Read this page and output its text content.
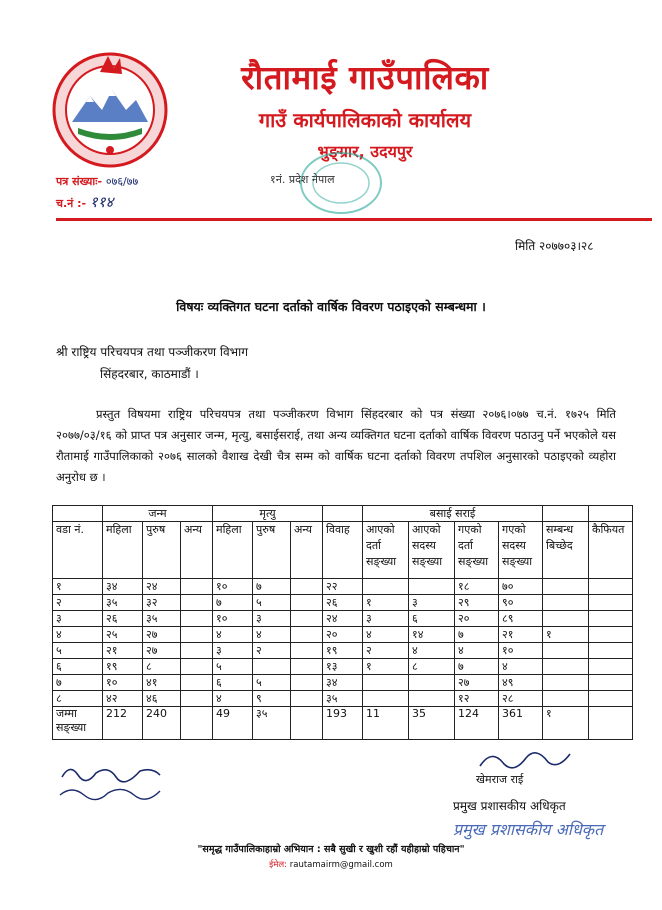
रौतामाई गाउँपालिका
गाउँ कार्यपालिकाको कार्यालय
भुङ्ग्रार, उदयपुर
१नं. प्रदेश नेपाल
पत्र संख्याः- ०७६/७७
च.नं :- ११४
मिति २०७७०३।२८
विषयः व्यक्तिगत घटना दर्ताको वार्षिक विवरण पठाइएको सम्बन्धमा ।
श्री राष्ट्रिय परिचयपत्र तथा पञ्जीकरण विभाग
सिंहदरबार, काठमाडौं ।
प्रस्तुत विषयमा राष्ट्रिय परिचयपत्र तथा पञ्जीकरण विभाग सिंहदरबार को पत्र संख्या २०७६।०७७ च.नं. १७२५ मिति २०७७/०३/१६ को प्राप्त पत्र अनुसार जन्म, मृत्यु, बसाईसराई, तथा अन्य व्यक्तिगत घटना दर्ताको वार्षिक विवरण पठाउनु पर्ने भएकोले यस रौतामाई गाउँपालिकाको २०७६ सालको वैशाख देखी चैत्र सम्म को वार्षिक घटना दर्ताको विवरण तपशिल अनुसारको पठाइएको व्यहोरा अनुरोध छ ।
	जन्म			मृत्यु				बसाई सराई					
वडा नं.	महिला	पुरुष	अन्य	महिला	पुरुष	अन्य	विवाह	आएको दर्ता सङ्ख्या	आएको सदस्य सङ्ख्या	गएको दर्ता सङ्ख्या	गएको सदस्य सङ्ख्या	सम्बन्ध बिच्छेद	कैफियत
१	३४	२४		१०	७		२२			१८	७०		
२	३५	३२		७	५		२६	१	३	२९	९०		
३	२६	३५		१०	३		२४	३	६	२०	८९		
४	२५	२७		४	४		२०	४	१४	७	२१	१	
५	२१	२७		३	२		१९	२	४	४	१०		
६	१९	८		५			१३	१	८	७	४		
७	१०	४१		६	५		३४			२७	४९		
८	४२	४६		४	९		३५			१२	२८		
जम्मा सङ्ख्या	212	240		49	३५		193	11	35	124	361	१	
खेमराज राई
प्रमुख प्रशासकीय अधिकृत
प्रमुख प्रशासकीय अधिकृत
"समृद्ध गाउँपालिकाहाम्रो अभियान : सबै सुखी र खुशी रहौं यहीहाम्रो पहिचान"
ईमेल: rautamairm@gmail.com
